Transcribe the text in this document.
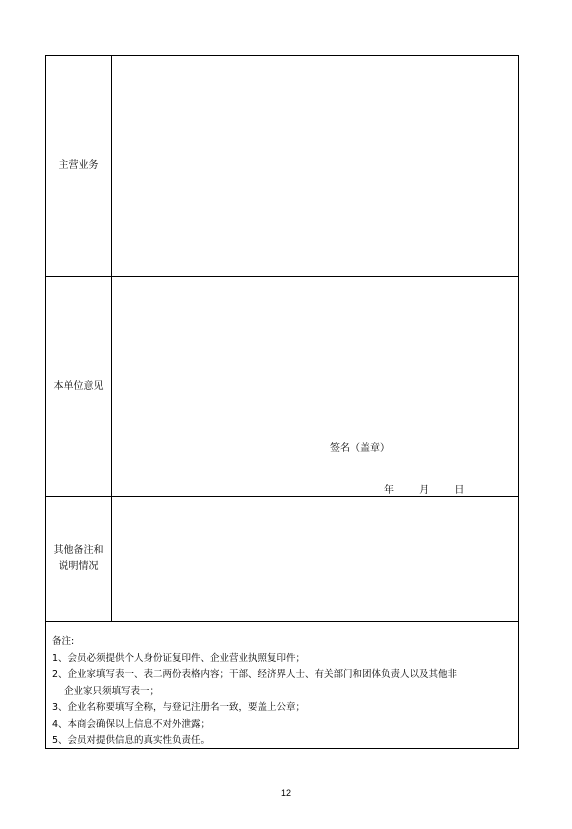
主营业务
本单位意见
签名（盖章）
年	月	日
其他备注和
说明情况
备注:
1、会员必须提供个人身份证复印件、企业营业执照复印件；
2、企业家填写表一、表二两份表格内容；干部、经济界人士、有关部门和团体负责人以及其他非
企业家只须填写表一；
3、企业名称要填写全称，与登记注册名一致，要盖上公章；
4、本商会确保以上信息不对外泄露；
5、会员对提供信息的真实性负责任。
12
